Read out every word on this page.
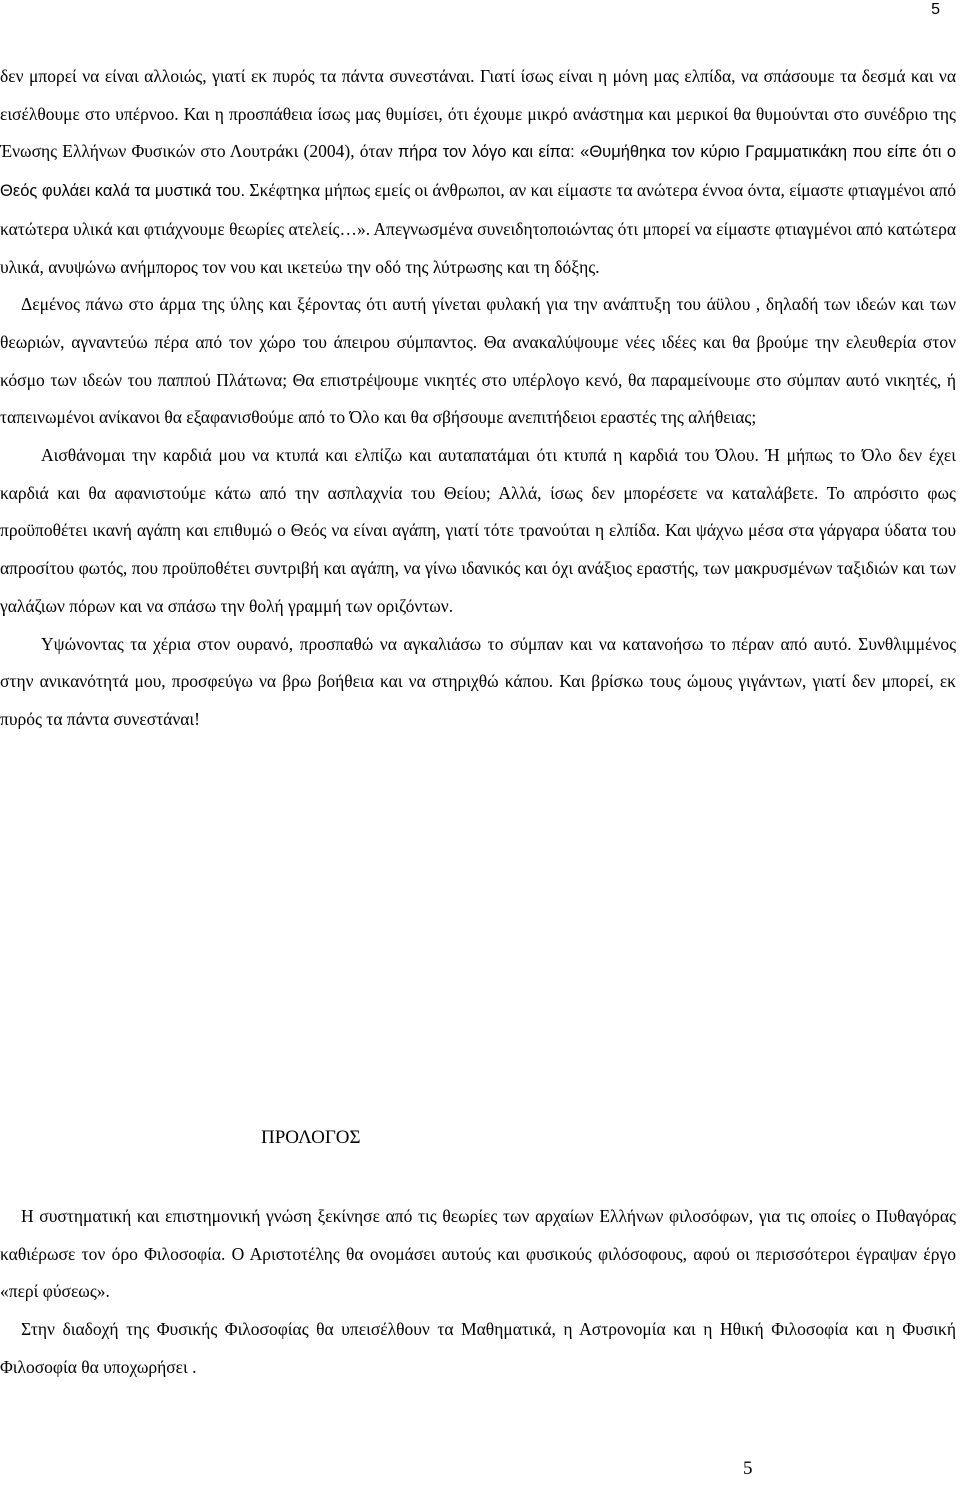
5

δεν μπορεί να είναι αλλοιώς, γιατί εκ πυρός τα πάντα συνεστάναι. Γιατί ίσως είναι η μόνη μας ελπίδα, να σπάσουμε τα δεσμά και να εισέλθουμε στο υπέρνοο. Και η προσπάθεια ίσως μας θυμίσει, ότι έχουμε μικρό ανάστημα και μερικοί θα θυμούνται στο συνέδριο της Ένωσης Ελλήνων Φυσικών στο Λουτράκι (2004), όταν πήρα τον λόγο και είπα: «Θυμήθηκα τον κύριο Γραμματικάκη που είπε ότι ο Θεός φυλάει καλά τα μυστικά του. Σκέφτηκα μήπως εμείς οι άνθρωποι, αν και είμαστε τα ανώτερα έννοα όντα, είμαστε φτιαγμένοι από κατώτερα υλικά και φτιάχνουμε θεωρίες ατελείς…». Απεγνωσμένα συνειδητοποιώντας ότι μπορεί να είμαστε φτιαγμένοι από κατώτερα υλικά, ανυψώνω ανήμπορος τον νου και ικετεύω την οδό της λύτρωσης και τη δόξης.

Δεμένος πάνω στο άρμα της ύλης και ξέροντας ότι αυτή γίνεται φυλακή για την ανάπτυξη του άϋλου , δηλαδή των ιδεών και των θεωριών, αγναντεύω πέρα από τον χώρο του άπειρου σύμπαντος. Θα ανακαλύψουμε νέες ιδέες και θα βρούμε την ελευθερία στον κόσμο των ιδεών του παππού Πλάτωνα; Θα επιστρέψουμε νικητές στο υπέρλογο κενό, θα παραμείνουμε στο σύμπαν αυτό νικητές, ή ταπεινωμένοι ανίκανοι θα εξαφανισθούμε από το Όλο και θα σβήσουμε ανεπιτήδειοι εραστές της αλήθειας;

Αισθάνομαι την καρδιά μου να κτυπά και ελπίζω και αυταπατάμαι ότι κτυπά η καρδιά του Όλου. Ή μήπως το Όλο δεν έχει καρδιά και θα αφανιστούμε κάτω από την ασπλαχνία του Θείου; Αλλά, ίσως δεν μπορέσετε να καταλάβετε. Το απρόσιτο φως προϋποθέτει ικανή αγάπη και επιθυμώ ο Θεός να είναι αγάπη, γιατί τότε τρανούται η ελπίδα. Και ψάχνω μέσα στα γάργαρα ύδατα του απροσίτου φωτός, που προϋποθέτει συντριβή και αγάπη, να γίνω ιδανικός και όχι ανάξιος εραστής, των μακρυσμένων ταξιδιών και των γαλάζιων πόρων και να σπάσω την θολή γραμμή των οριζόντων.

Υψώνοντας τα χέρια στον ουρανό, προσπαθώ να αγκαλιάσω το σύμπαν και να κατανοήσω το πέραν από αυτό. Συνθλιμμένος στην ανικανότητά μου, προσφεύγω να βρω βοήθεια και να στηριχθώ κάπου. Και βρίσκω τους ώμους γιγάντων, γιατί δεν μπορεί, εκ πυρός τα πάντα συνεστάναι!

ΠΡΟΛΟΓΟΣ

Η συστηματική και επιστημονική γνώση ξεκίνησε από τις θεωρίες των αρχαίων Ελλήνων φιλοσόφων, για τις οποίες ο Πυθαγόρας καθιέρωσε τον όρο Φιλοσοφία. Ο Αριστοτέλης θα ονομάσει αυτούς και φυσικούς φιλόσοφους, αφού οι περισσότεροι έγραψαν έργο «περί φύσεως».

Στην διαδοχή της Φυσικής Φιλοσοφίας θα υπεισέλθουν τα Μαθηματικά, η Αστρονομία και η Ηθική Φιλοσοφία και η Φυσική Φιλοσοφία θα υποχωρήσει .

5
